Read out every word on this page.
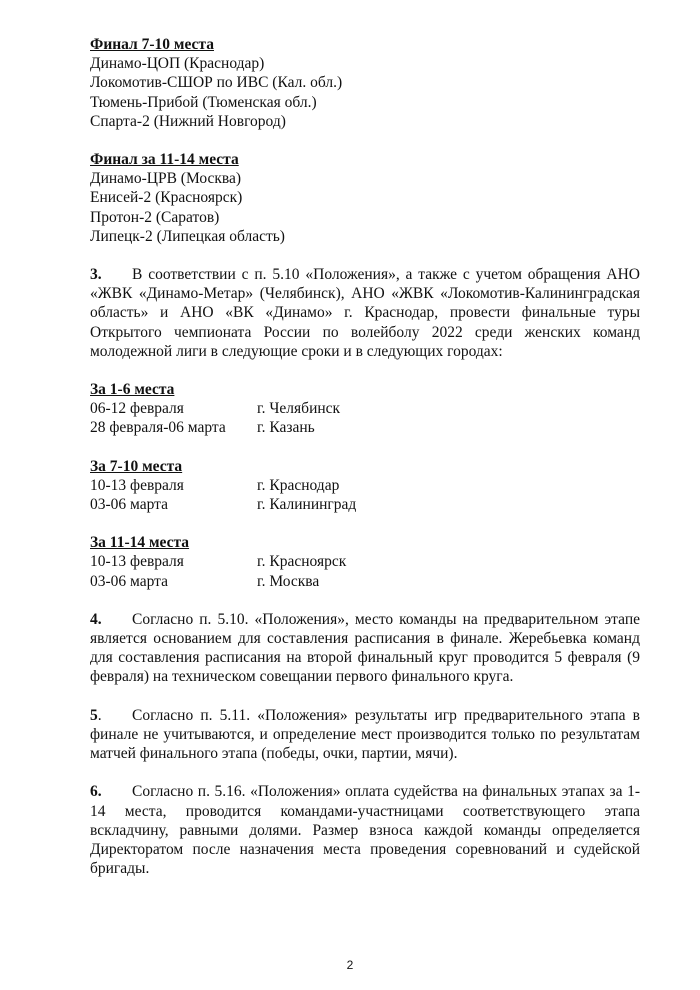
Финал 7-10 места
Динамо-ЦОП (Краснодар)
Локомотив-СШОР по ИВС (Кал. обл.)
Тюмень-Прибой (Тюменская обл.)
Спарта-2 (Нижний Новгород)
Финал за 11-14 места
Динамо-ЦРВ (Москва)
Енисей-2 (Красноярск)
Протон-2 (Саратов)
Липецк-2 (Липецкая область)

3. В соответствии с п. 5.10 «Положения», а также с учетом обращения АНО «ЖВК «Динамо-Метар» (Челябинск), АНО «ЖВК «Локомотив-Калининградская область» и АНО «ВК «Динамо» г. Краснодар, провести финальные туры Открытого чемпионата России по волейболу 2022 среди женских команд молодежной лиги в следующие сроки и в следующих городах:

За 1-6 места
06-12 февраля	г. Челябинск
28 февраля-06 марта	г. Казань
За 7-10 места
10-13 февраля	г. Краснодар
03-06 марта	г. Калининград
За 11-14 места
10-13 февраля	г. Красноярск
03-06 марта	г. Москва

4. Согласно п. 5.10. «Положения», место команды на предварительном этапе является основанием для составления расписания в финале. Жеребьевка команд для составления расписания на второй финальный круг проводится 5 февраля (9 февраля) на техническом совещании первого финального круга.

5. Согласно п. 5.11. «Положения» результаты игр предварительного этапа в финале не учитываются, и определение мест производится только по результатам матчей финального этапа (победы, очки, партии, мячи).

6. Согласно п. 5.16. «Положения» оплата судейства на финальных этапах за 1-14 места, проводится командами-участницами соответствующего этапа вскладчину, равными долями. Размер взноса каждой команды определяется Директоратом после назначения места проведения соревнований и судейской бригады.

2
